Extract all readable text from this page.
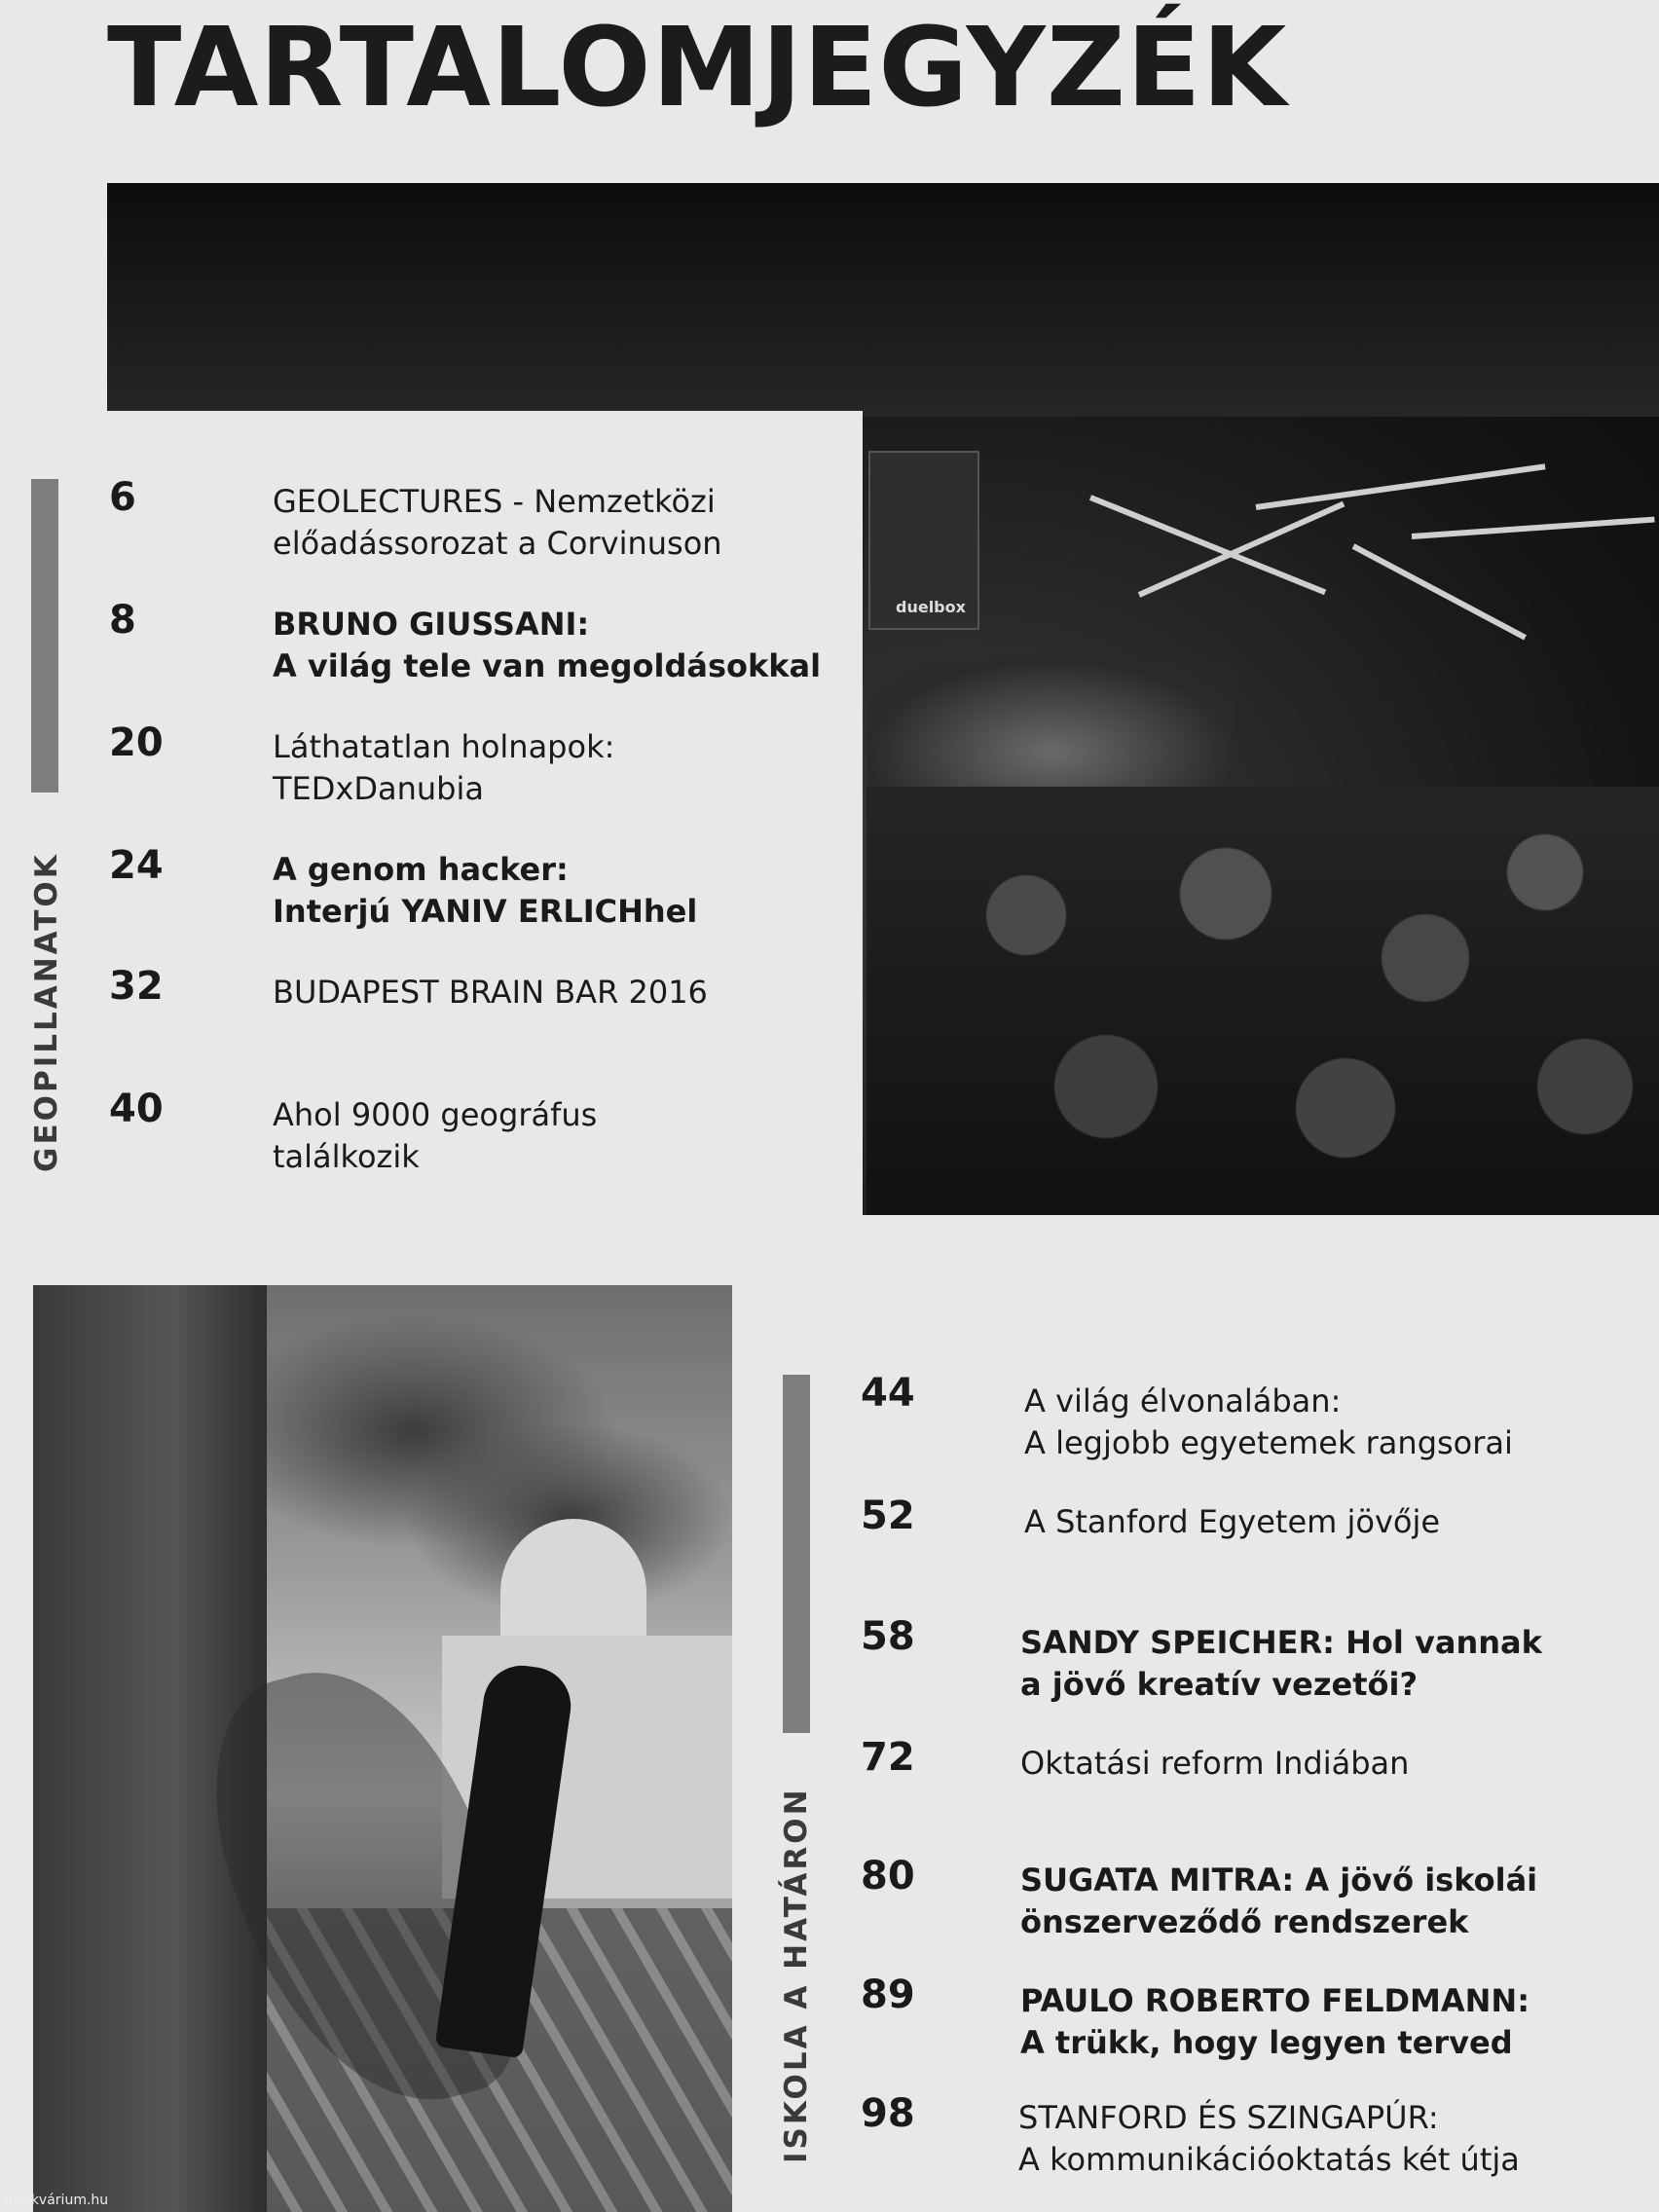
TARTALOMJEGYZÉK
duelbox
GEOPILLANATOK
6	GEOLECTURES - Nemzetközi
előadássorozat a Corvinuson
8	BRUNO GIUSSANI:
A világ tele van megoldásokkal
20	Láthatatlan holnapok:
TEDxDanubia
24	A genom hacker:
Interjú YANIV ERLICHhel
32	BUDAPEST BRAIN BAR 2016
40	Ahol 9000 geográfus
találkozik
ISKOLA A HATÁRON
44	A világ élvonalában:
A legjobb egyetemek rangsorai
52	A Stanford Egyetem jövője
58	SANDY SPEICHER: Hol vannak
a jövő kreatív vezetői?
72	Oktatási reform Indiában
80	SUGATA MITRA: A jövő iskolái
önszerveződő rendszerek
89	PAULO ROBERTO FELDMANN:
A trükk, hogy legyen terved
98	STANFORD ÉS SZINGAPÚR:
A kommunikációoktatás két útja

Antikvárium.hu
